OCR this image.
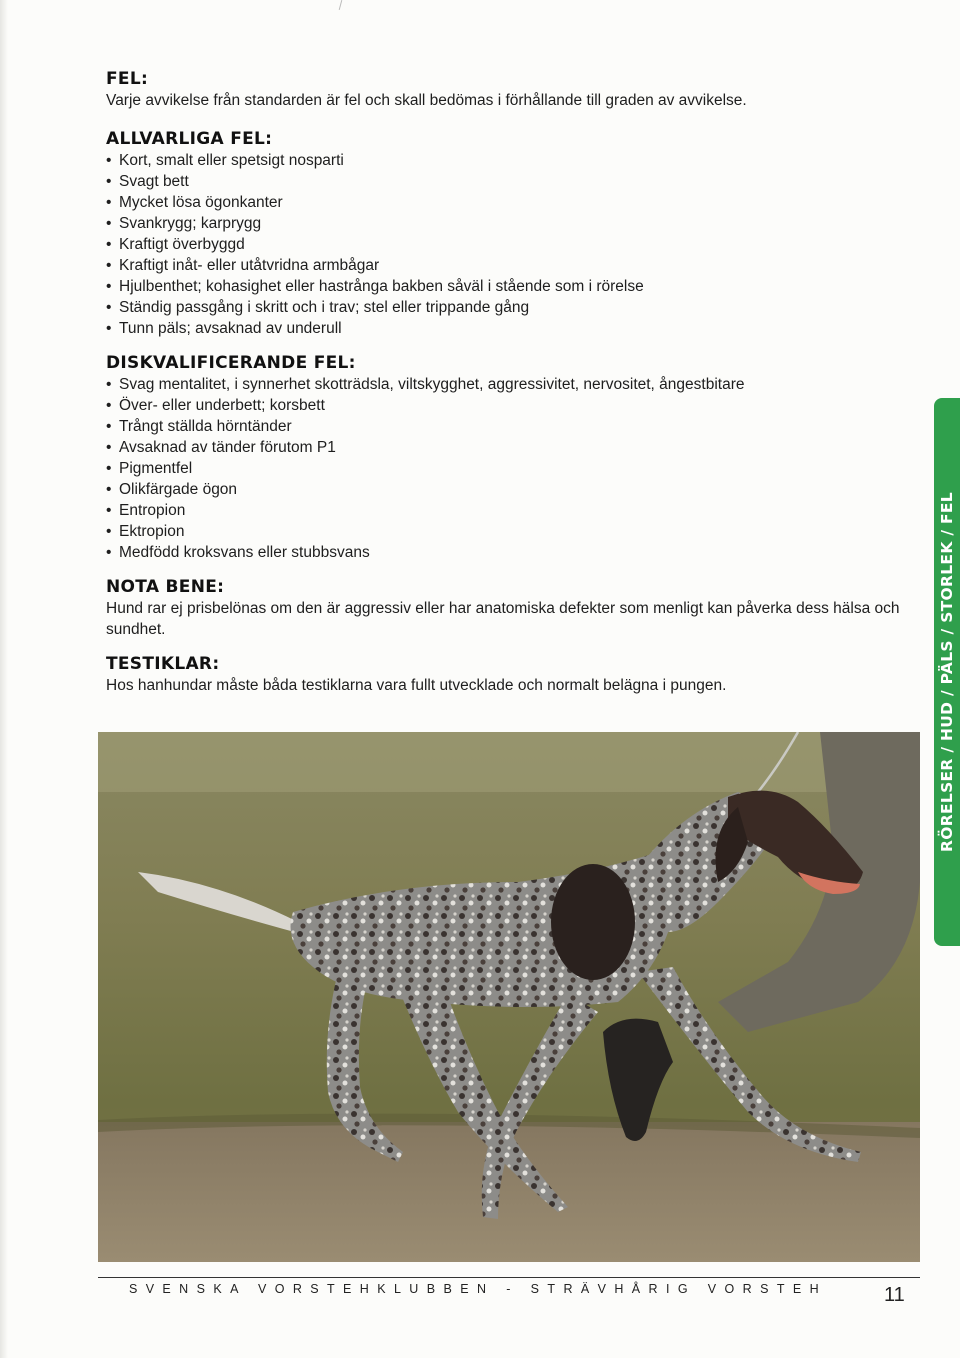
FEL:

Varje avvikelse från standarden är fel och skall bedömas i förhållande till graden av avvikelse.

ALLVARLIGA FEL:
• Kort, smalt eller spetsigt nosparti
• Svagt bett
• Mycket lösa ögonkanter
• Svankrygg; karprygg
• Kraftigt överbyggd
• Kraftigt inåt- eller utåtvridna armbågar
• Hjulbenthet; kohasighet eller hastrånga bakben såväl i stående som i rörelse
• Ständig passgång i skritt och i trav; stel eller trippande gång
• Tunn päls; avsaknad av underull
DISKVALIFICERANDE FEL:
• Svag mentalitet, i synnerhet skotträdsla, viltskygghet, aggressivitet, nervositet, ångestbitare
• Över- eller underbett; korsbett
• Trångt ställda hörntänder
• Avsaknad av tänder förutom P1
• Pigmentfel
• Olikfärgade ögon
• Entropion
• Ektropion
• Medfödd kroksvans eller stubbsvans
NOTA BENE:

Hund rar ej prisbelönas om den är aggressiv eller har anatomiska defekter som menligt kan påverka dess hälsa och sundhet.

TESTIKLAR:

Hos hanhundar måste båda testiklarna vara fullt utvecklade och normalt belägna i pungen.	RÖRELSER / HUD / PÄLS / STORLEK / FEL
SVENSKA VORSTEHKLUBBEN - STRÄVHÅRIG VORSTEH	11
